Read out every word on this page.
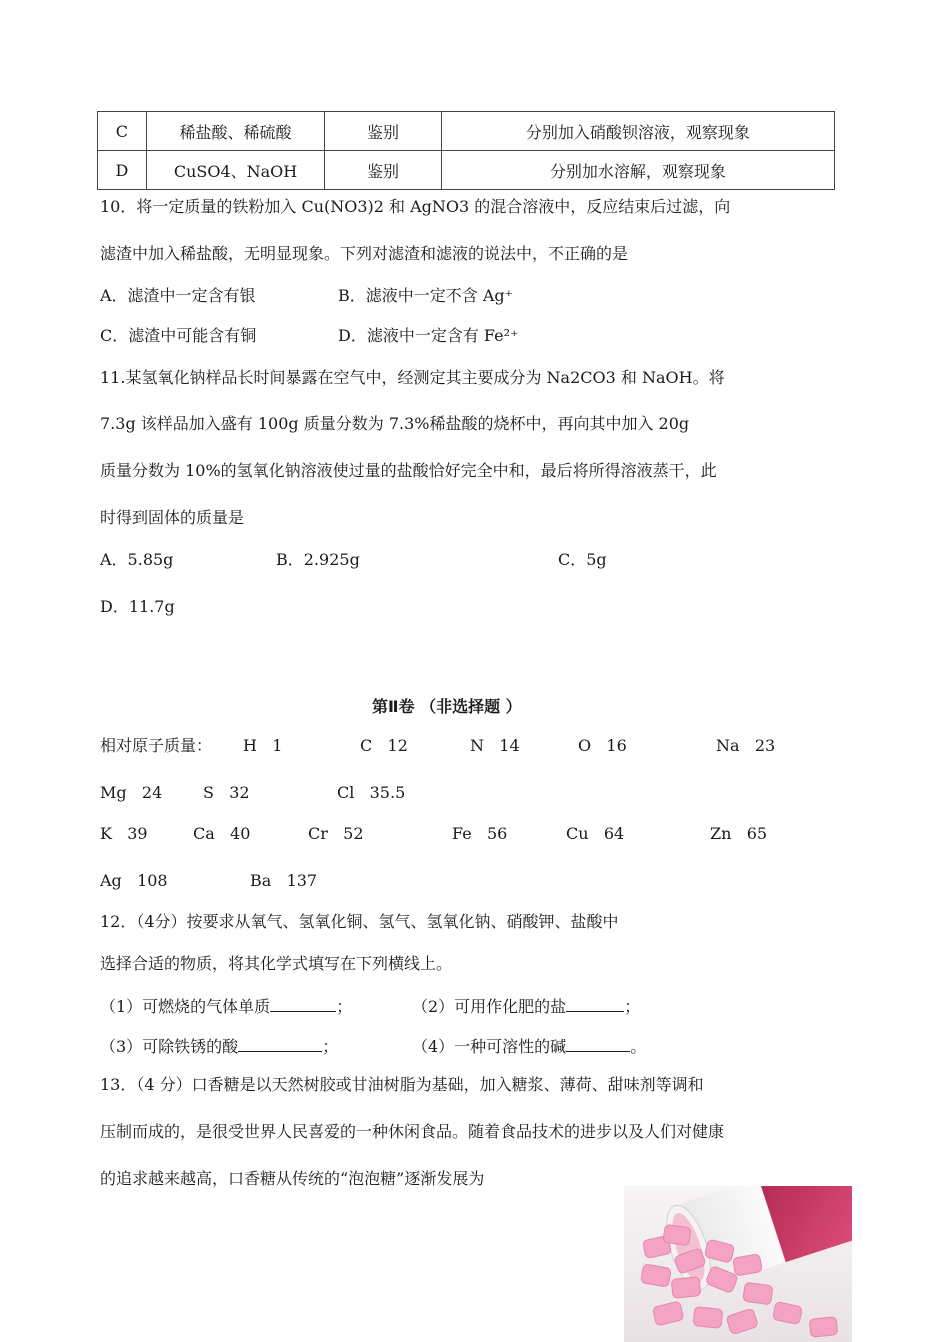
C	稀盐酸、稀硫酸	鉴别	分别加入硝酸钡溶液，观察现象
D	CuSO4、NaOH	鉴别	分别加水溶解，观察现象
10．将一定质量的铁粉加入 Cu(NO3)2 和 AgNO3 的混合溶液中，反应结束后过滤，向
滤渣中加入稀盐酸，无明显现象。下列对滤渣和滤液的说法中，不正确的是
A．滤渣中一定含有银	B．滤液中一定不含 Ag⁺
C．滤渣中可能含有铜	D．滤液中一定含有 Fe²⁺
11.某氢氧化钠样品长时间暴露在空气中，经测定其主要成分为 Na2CO3 和 NaOH。将
7.3g 该样品加入盛有 100g 质量分数为 7.3%稀盐酸的烧杯中，再向其中加入 20g
质量分数为 10%的氢氧化钠溶液使过量的盐酸恰好完全中和，最后将所得溶液蒸干，此
时得到固体的质量是
A．5.85g	B．2.925g	C．5g
D．11.7g
第Ⅱ卷 （非选择题 ）
相对原子质量： H 1	C 12	N 14	O 16	Na 23
Mg 24	S 32	Cl 35.5
K 39	Ca 40	Cr 52	Fe 56	Cu 64	Zn 65
Ag 108	Ba 137
12．（4分）按要求从氧气、氢氧化铜、氢气、氢氧化钠、硝酸钾、盐酸中
选择合适的物质，将其化学式填写在下列横线上。
（1）可燃烧的气体单质	；	（2）可用作化肥的盐	；
（3）可除铁锈的酸	；	（4）一种可溶性的碱	。
13．（4 分）口香糖是以天然树胶或甘油树脂为基础，加入糖浆、薄荷、甜味剂等调和
压制而成的，是很受世界人民喜爱的一种休闲食品。随着食品技术的进步以及人们对健康
的追求越来越高，口香糖从传统的“泡泡糖”逐渐发展为
